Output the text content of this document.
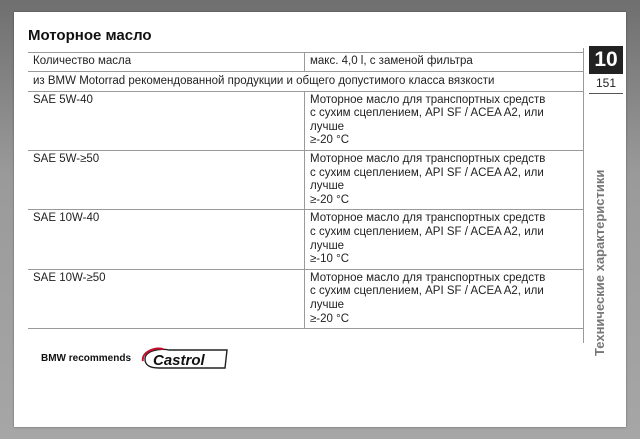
Моторное масло
Количество масла	макс. 4,0 l, с заменой фильтра
из BMW Motorrad рекомендованной продукции и общего допустимого класса вязкости	
SAE 5W-40	Моторное масло для транспортных средств
с сухим сцеплением, API SF / ACEA A2, или
лучше
≥-20 °C

SAE 5W-≥50	Моторное масло для транспортных средств
с сухим сцеплением, API SF / ACEA A2, или
лучше
≥-20 °C

SAE 10W-40	Моторное масло для транспортных средств
с сухим сцеплением, API SF / ACEA A2, или
лучше
≥-10 °C

SAE 10W-≥50	Моторное масло для транспортных средств
с сухим сцеплением, API SF / ACEA A2, или
лучше
≥-20 °C
10
151
Технические характеристики
BMW recommends Castrol
